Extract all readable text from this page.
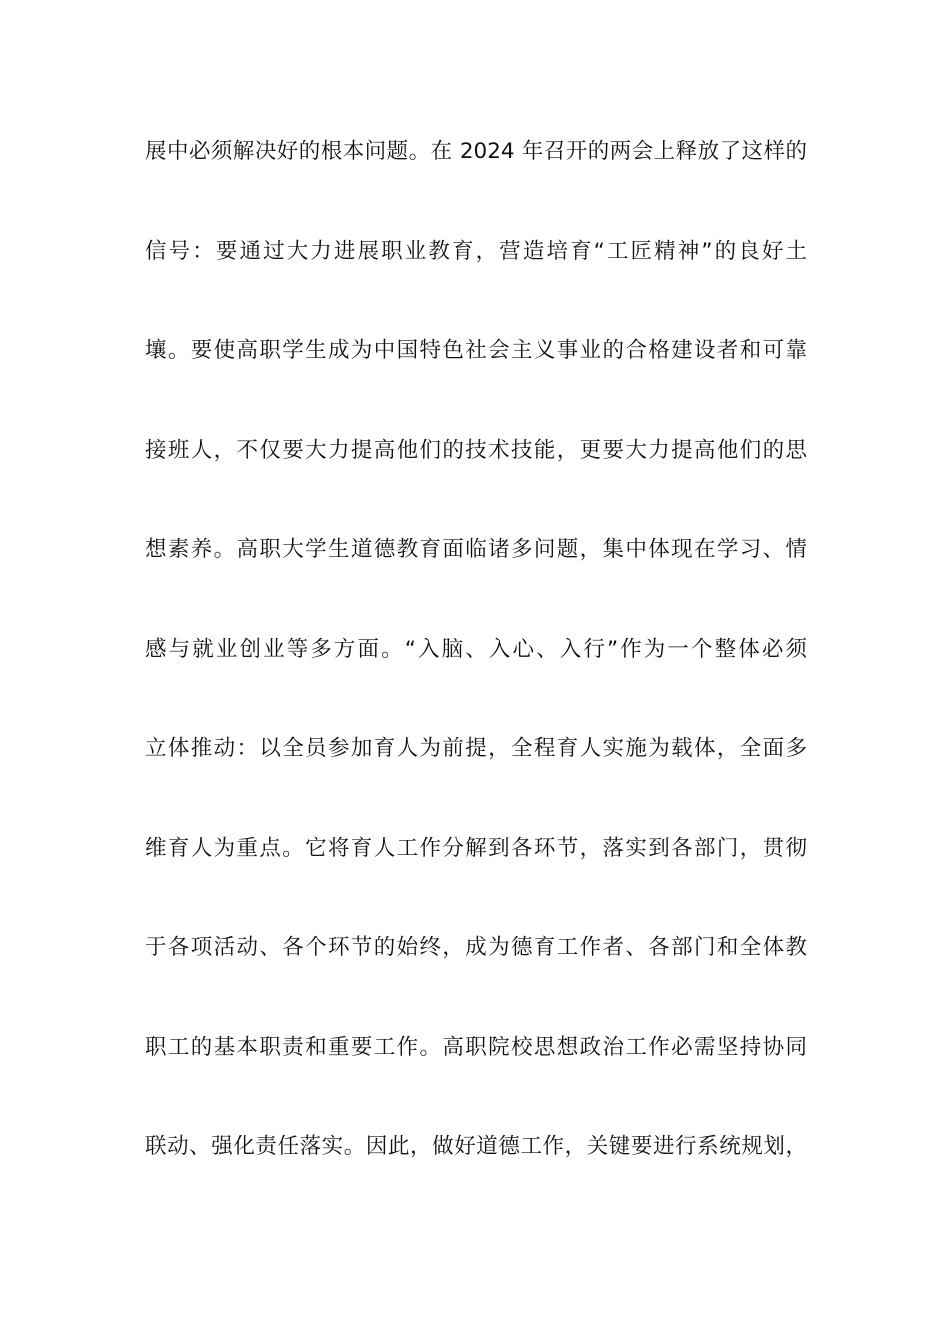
展中必须解决好的根本问题。在 2024 年召开的两会上释放了这样的
信号：要通过大力进展职业教育，营造培育“工匠精神”的良好土
壤。要使高职学生成为中国特色社会主义事业的合格建设者和可靠
接班人，不仅要大力提高他们的技术技能，更要大力提高他们的思
想素养。高职大学生道德教育面临诸多问题，集中体现在学习、情
感与就业创业等多方面。“入脑、入心、入行”作为一个整体必须
立体推动：以全员参加育人为前提，全程育人实施为载体，全面多
维育人为重点。它将育人工作分解到各环节，落实到各部门，贯彻
于各项活动、各个环节的始终，成为德育工作者、各部门和全体教
职工的基本职责和重要工作。高职院校思想政治工作必需坚持协同
联动、强化责任落实。因此，做好道德工作，关键要进行系统规划，
